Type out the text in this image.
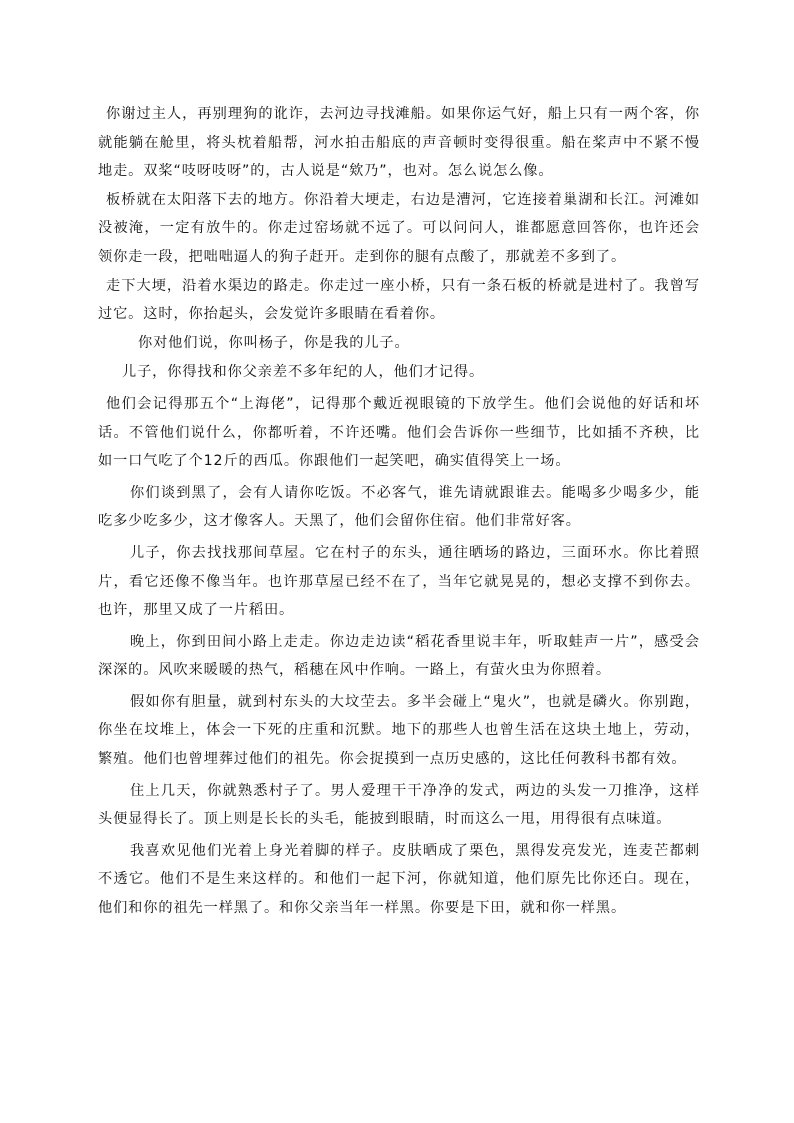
你谢过主人，再别理狗的讹诈，去河边寻找滩船。如果你运气好，船上只有一两个客，你就能躺在舱里，将头枕着船帮，河水拍击船底的声音顿时变得很重。船在桨声中不紧不慢地走。双桨“吱呀吱呀”的，古人说是“欸乃”，也对。怎么说怎么像。

板桥就在太阳落下去的地方。你沿着大埂走，右边是漕河，它连接着巢湖和长江。河滩如没被淹，一定有放牛的。你走过窑场就不远了。可以问问人，谁都愿意回答你，也许还会领你走一段，把咄咄逼人的狗子赶开。走到你的腿有点酸了，那就差不多到了。

走下大埂，沿着水渠边的路走。你走过一座小桥，只有一条石板的桥就是进村了。我曾写过它。这时，你抬起头，会发觉许多眼睛在看着你。

你对他们说，你叫杨子，你是我的儿子。

儿子，你得找和你父亲差不多年纪的人，他们才记得。

他们会记得那五个“上海佬”，记得那个戴近视眼镜的下放学生。他们会说他的好话和坏话。不管他们说什么，你都听着，不许还嘴。他们会告诉你一些细节，比如插不齐秧，比如一口气吃了个12斤的西瓜。你跟他们一起笑吧，确实值得笑上一场。

你们谈到黑了，会有人请你吃饭。不必客气，谁先请就跟谁去。能喝多少喝多少，能吃多少吃多少，这才像客人。天黑了，他们会留你住宿。他们非常好客。

儿子，你去找找那间草屋。它在村子的东头，通往晒场的路边，三面环水。你比着照片，看它还像不像当年。也许那草屋已经不在了，当年它就晃晃的，想必支撑不到你去。也许，那里又成了一片稻田。

晚上，你到田间小路上走走。你边走边读“稻花香里说丰年，听取蛙声一片”，感受会深深的。风吹来暖暖的热气，稻穗在风中作响。一路上，有萤火虫为你照着。

假如你有胆量，就到村东头的大坟茔去。多半会碰上“鬼火”，也就是磷火。你别跑，你坐在坟堆上，体会一下死的庄重和沉默。地下的那些人也曾生活在这块土地上，劳动，繁殖。他们也曾埋葬过他们的祖先。你会捉摸到一点历史感的，这比任何教科书都有效。

住上几天，你就熟悉村子了。男人爱理干干净净的发式，两边的头发一刀推净，这样头便显得长了。顶上则是长长的头毛，能披到眼睛，时而这么一甩，用得很有点味道。

我喜欢见他们光着上身光着脚的样子。皮肤晒成了栗色，黑得发亮发光，连麦芒都刺不透它。他们不是生来这样的。和他们一起下河，你就知道，他们原先比你还白。现在，他们和你的祖先一样黑了。和你父亲当年一样黑。你要是下田，就和你一样黑。
